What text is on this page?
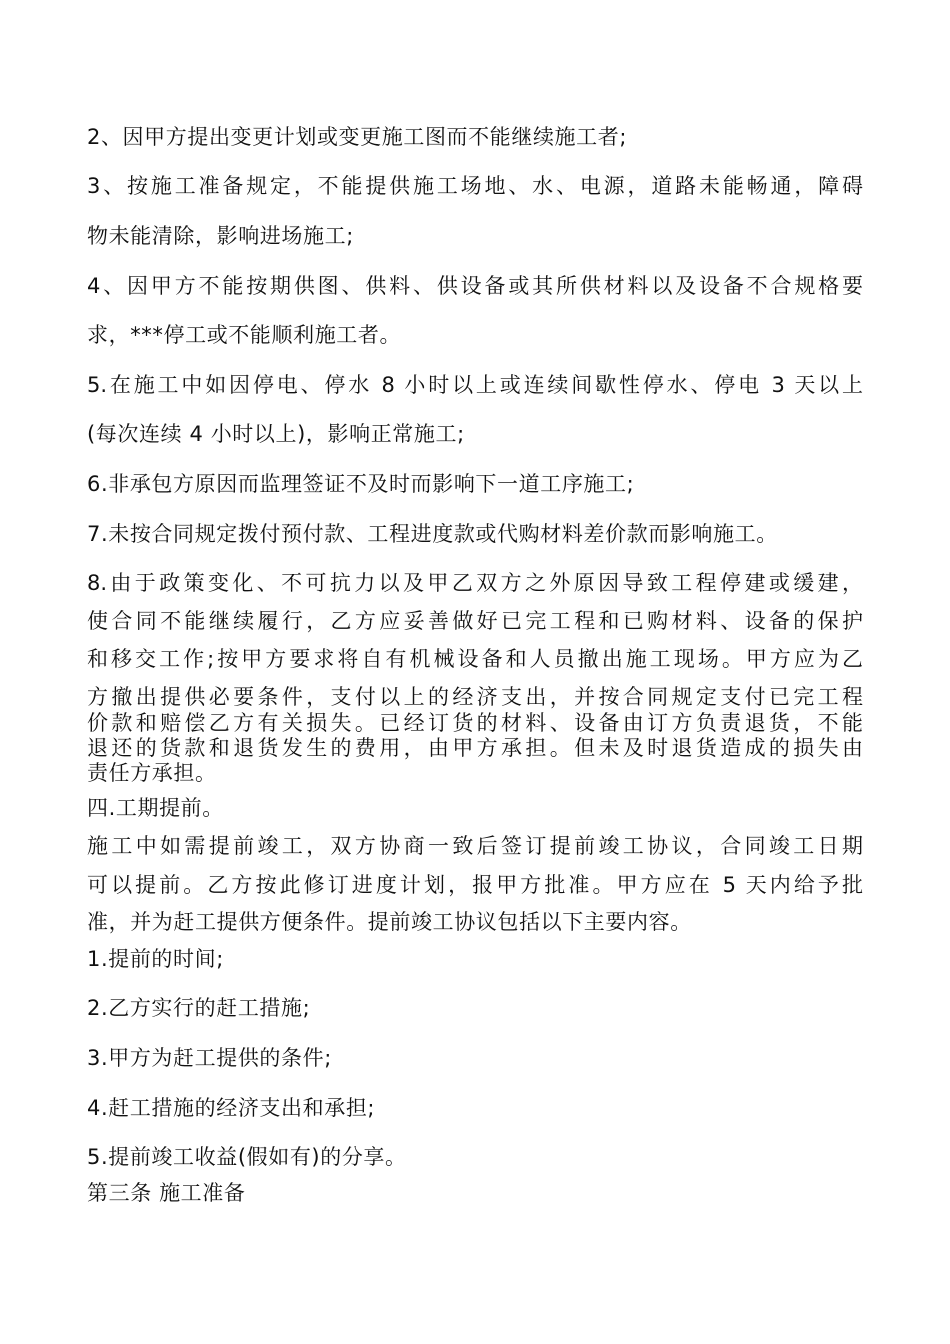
2、因甲方提出变更计划或变更施工图而不能继续施工者;
3、按施工准备规定，不能提供施工场地、水、电源，道路未能畅通，障碍
物未能清除，影响进场施工;
4、因甲方不能按期供图、供料、供设备或其所供材料以及设备不合规格要
求，***停工或不能顺利施工者。
5.在施工中如因停电、停水 8 小时以上或连续间歇性停水、停电 3 天以上
(每次连续 4 小时以上)，影响正常施工;
6.非承包方原因而监理签证不及时而影响下一道工序施工;
7.未按合同规定拨付预付款、工程进度款或代购材料差价款而影响施工。
8.由于政策变化、不可抗力以及甲乙双方之外原因导致工程停建或缓建，
使合同不能继续履行，乙方应妥善做好已完工程和已购材料、设备的保护
和移交工作;按甲方要求将自有机械设备和人员撤出施工现场。甲方应为乙
方撤出提供必要条件，支付以上的经济支出，并按合同规定支付已完工程
价款和赔偿乙方有关损失。已经订货的材料、设备由订方负责退货，不能
退还的货款和退货发生的费用，由甲方承担。但未及时退货造成的损失由
责任方承担。
四.工期提前。
施工中如需提前竣工，双方协商一致后签订提前竣工协议，合同竣工日期
可以提前。乙方按此修订进度计划，报甲方批准。甲方应在 5 天内给予批
准，并为赶工提供方便条件。提前竣工协议包括以下主要内容。
1.提前的时间;
2.乙方实行的赶工措施;
3.甲方为赶工提供的条件;
4.赶工措施的经济支出和承担;
5.提前竣工收益(假如有)的分享。
第三条 施工准备
